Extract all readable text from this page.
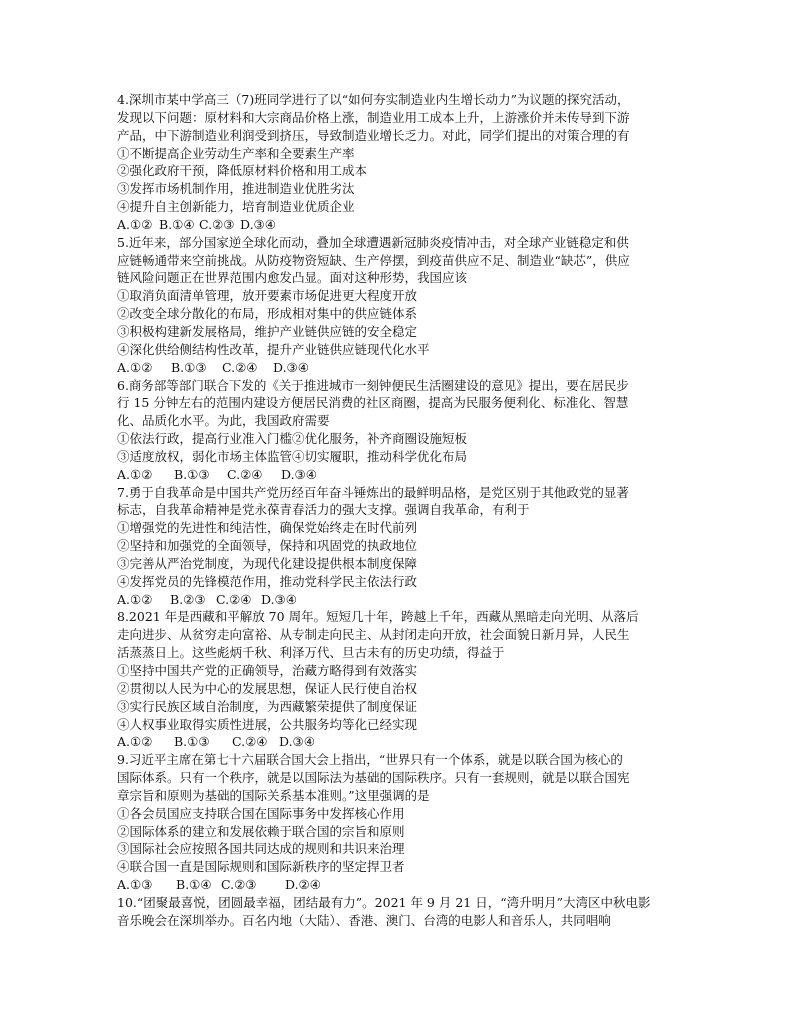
4.深圳市某中学高三（7)班同学进行了以“如何夯实制造业内生增长动力”为议题的探究活动，
发现以下问题：原材料和大宗商品价格上涨，制造业用工成本上升，上游涨价并未传导到下游
产品，中下游制造业利润受到挤压，导致制造业增长乏力。对此，同学们提出的对策合理的有
①不断提高企业劳动生产率和全要素生产率
②强化政府干预，降低原材料价格和用工成本
③发挥市场机制作用，推进制造业优胜劣汰
④提升自主创新能力，培育制造业优质企业
A.①② B.①④ C.②③ D.③④
5.近年来，部分国家逆全球化而动，叠加全球遭遇新冠肺炎疫情冲击，对全球产业链稳定和供
应链畅通带来空前挑战。从防疫物资短缺、生产停摆，到疫苗供应不足、制造业“缺芯”，供应
链风险问题正在世界范围内愈发凸显。面对这种形势，我国应该
①取消负面清单管理，放开要素市场促进更大程度开放
②改变全球分散化的布局，形成相对集中的供应链体系
③积极构建新发展格局，维护产业链供应链的安全稳定
④深化供给侧结构性改革，提升产业链供应链现代化水平
A.①② B.①③ C.②④ D.③④
6.商务部等部门联合下发的《关于推进城市一刻钟便民生活圈建设的意见》提出，要在居民步
行 15 分钟左右的范围内建设方便居民消费的社区商圈，提高为民服务便利化、标准化、智慧
化、品质化水平。为此，我国政府需要
①依法行政，提高行业准入门槛②优化服务，补齐商圈设施短板
③适度放权，弱化市场主体监管④切实履职，推动科学优化布局
A.①② B.①③ C.②④ D.③④
7.勇于自我革命是中国共产党历经百年奋斗锤炼出的最鲜明品格，是党区别于其他政党的显著
标志，自我革命精神是党永葆青春活力的强大支撑。强调自我革命，有利于
①增强党的先进性和纯洁性，确保党始终走在时代前列
②坚持和加强党的全面领导，保持和巩固党的执政地位
③完善从严治党制度，为现代化建设提供根本制度保障
④发挥党员的先锋模范作用，推动党科学民主依法行政
A.①② B.②③ C.②④ D.③④
8.2021 年是西藏和平解放 70 周年。短短几十年，跨越上千年，西藏从黑暗走向光明、从落后
走向进步、从贫穷走向富裕、从专制走向民主、从封闭走向开放，社会面貌日新月异，人民生
活蒸蒸日上。这些彪炳千秋、利泽万代、旦古未有的历史功绩，得益于
①坚持中国共产党的正确领导，治藏方略得到有效落实
②贯彻以人民为中心的发展思想，保证人民行使自治权
③实行民族区域自治制度，为西藏繁荣提供了制度保证
④人权事业取得实质性进展，公共服务均等化已经实现
A.①② B.①③ C.②④ D.③④
9.习近平主席在第七十六届联合国大会上指出，“世界只有一个体系，就是以联合国为核心的
国际体系。只有一个秩序，就是以国际法为基础的国际秩序。只有一套规则，就是以联合国宪
章宗旨和原则为基础的国际关系基本准则。”这里强调的是
①各会员国应支持联合国在国际事务中发挥核心作用
②国际体系的建立和发展依赖于联合国的宗旨和原则
③国际社会应按照各国共同达成的规则和共识来治理
④联合国一直是国际规则和国际新秩序的坚定捍卫者
A.①③ B.①④ C.②③ D.②④
10.“团聚最喜悦，团圆最幸福，团结最有力”。2021 年 9 月 21 日，“湾升明月”大湾区中秋电影
音乐晚会在深圳举办。百名内地（大陆）、香港、澳门、台湾的电影人和音乐人，共同唱响
